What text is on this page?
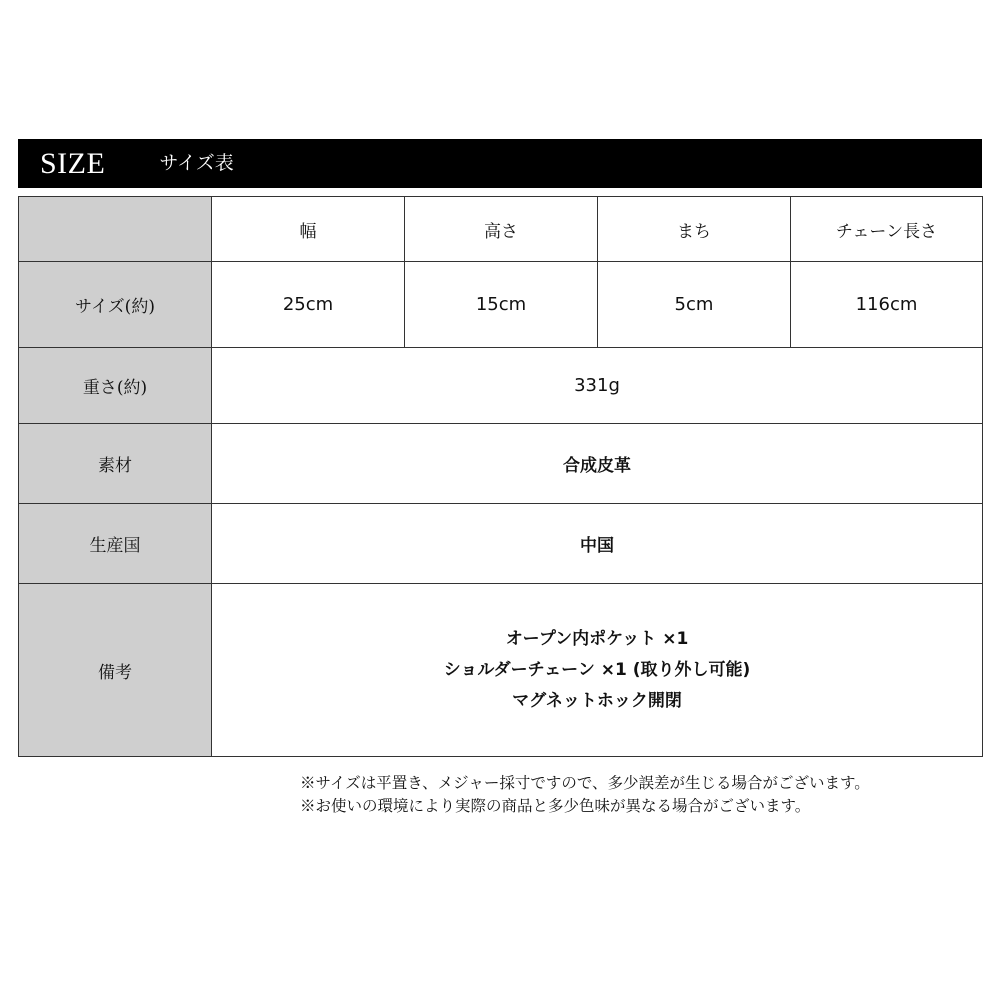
SIZE	サイズ表
	幅	高さ	まち	チェーン長さ
サイズ(約)	25cm	15cm	5cm	116cm
重さ(約)	331g			
素材	合成皮革			
生産国	中国			
備考	オープン内ポケット ×1
ショルダーチェーン ×1 (取り外し可能)
マグネットホック開閉			
※サイズは平置き、メジャー採寸ですので、多少誤差が生じる場合がございます。
※お使いの環境により実際の商品と多少色味が異なる場合がございます。
